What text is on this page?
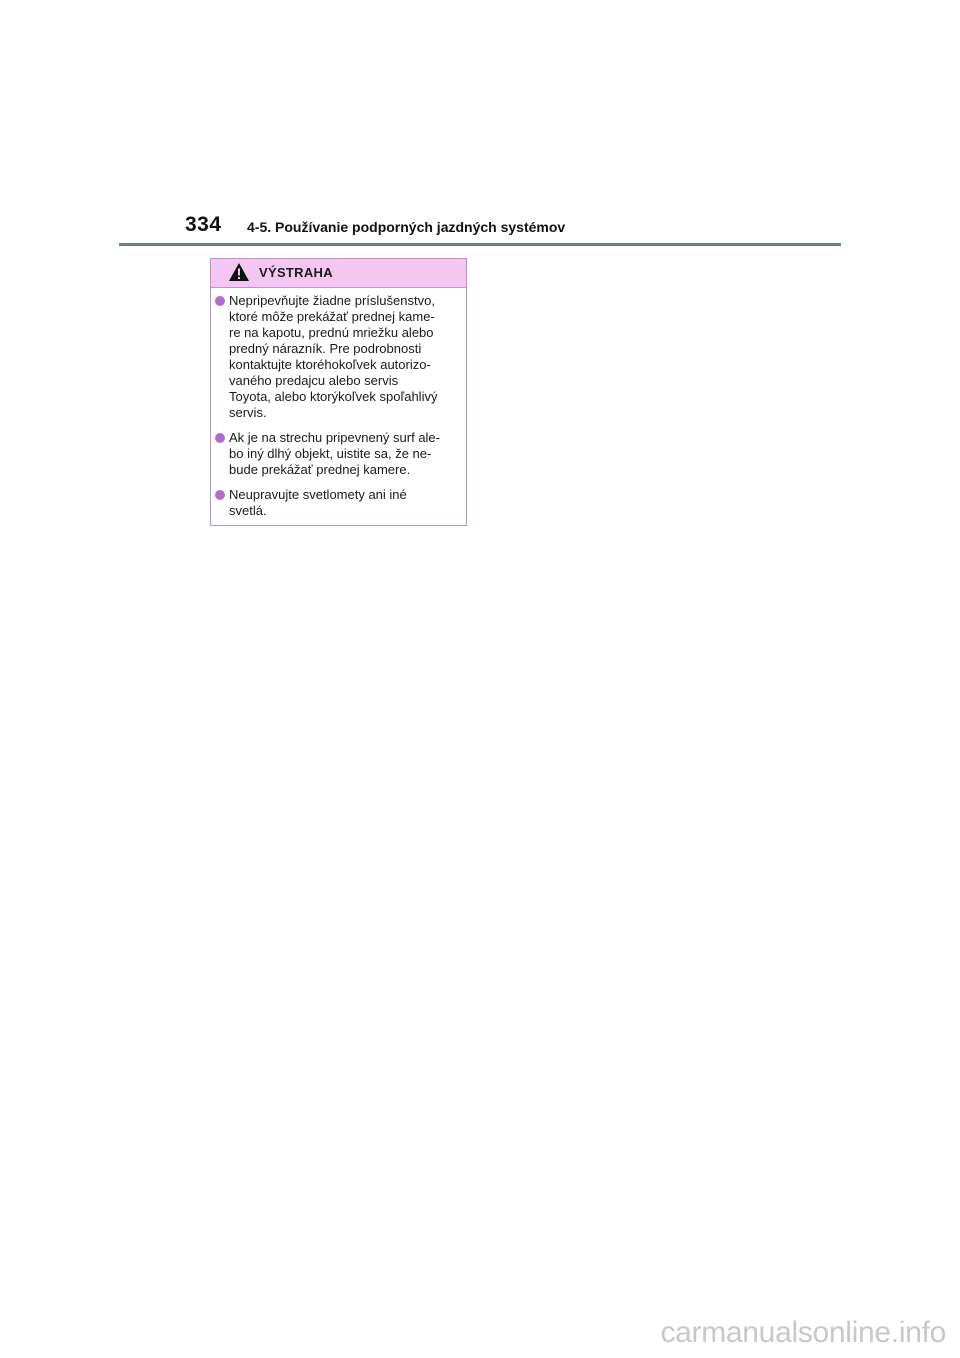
334 4-5. Používanie podporných jazdných systémov
VÝSTRAHA
Nepripevňujte žiadne príslušenstvo,
ktoré môže prekážať prednej kame-
re na kapotu, prednú mriežku alebo
predný nárazník. Pre podrobnosti
kontaktujte ktoréhokoľvek autorizo-
vaného predajcu alebo servis
Toyota, alebo ktorýkoľvek spoľahlivý
servis.
Ak je na strechu pripevnený surf ale-
bo iný dlhý objekt, uistite sa, že ne-
bude prekážať prednej kamere.
Neupravujte svetlomety ani iné
svetlá.
carmanualsonline.info
